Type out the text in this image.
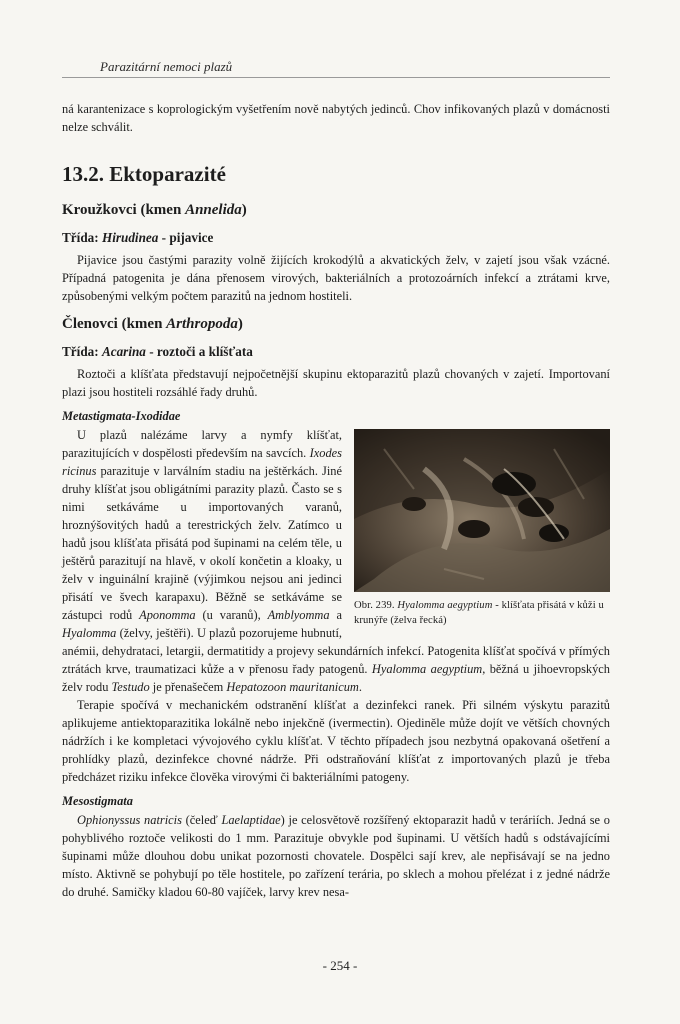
Parazitární nemoci plazů

ná karantenizace s koprologickým vyšetřením nově nabytých jedinců. Chov infikovaných plazů v domácnosti nelze schválit.

13.2. Ektoparazité
Kroužkovci (kmen Annelida)
Třída: Hirudinea - pijavice

Pijavice jsou častými parazity volně žijících krokodýlů a akvatických želv, v zajetí jsou však vzácné. Případná patogenita je dána přenosem virových, bakteriálních a protozoárních infekcí a ztrátami krve, způsobenými velkým počtem parazitů na jednom hostiteli.

Členovci (kmen Arthropoda)
Třída: Acarina - roztoči a klíšťata

Roztoči a klíšťata představují nejpočetnější skupinu ektoparazitů plazů chovaných v zajetí. Importovaní plazi jsou hostiteli rozsáhlé řady druhů.

Metastigmata-Ixodidae
Obr. 239. Hyalomma aegyptium - klíšťata přisátá v kůži u krunýře (želva řecká)

U plazů nalézáme larvy a nymfy klíšťat, parazitujících v dospělosti především na savcích. Ixodes ricinus parazituje v larválním stadiu na ještěrkách. Jiné druhy klíšťat jsou obligátními parazity plazů. Často se s nimi setkáváme u importovaných varanů, hroznýšovitých hadů a terestrických želv. Zatímco u hadů jsou klíšťata přisátá pod šupinami na celém těle, u ještěrů parazitují na hlavě, v okolí končetin a kloaky, u želv v inguinální krajině (výjimkou nejsou ani jedinci přisátí ve švech karapaxu). Běžně se setkáváme se zástupci rodů Aponomma (u varanů), Amblyomma a Hyalomma (želvy, ještěři). U plazů pozorujeme hubnutí, anémii, dehydrataci, letargii, dermatitidy a projevy sekundárních infekcí. Patogenita klíšťat spočívá v přímých ztrátách krve, traumatizaci kůže a v přenosu řady patogenů. Hyalomma aegyptium, běžná u jihoevropských želv rodu Testudo je přenašečem Hepatozoon mauritanicum.

Terapie spočívá v mechanickém odstranění klíšťat a dezinfekci ranek. Při silném výskytu parazitů aplikujeme antiektoparazitika lokálně nebo injekčně (ivermectin). Ojediněle může dojít ve větších chovných nádržích i ke kompletaci vývojového cyklu klíšťat. V těchto případech jsou nezbytná opakovaná ošetření a prohlídky plazů, dezinfekce chovné nádrže. Při odstraňování klíšťat z importovaných plazů je třeba předcházet riziku infekce člověka virovými či bakteriálními patogeny.

Mesostigmata

Ophionyssus natricis (čeleď Laelaptidae) je celosvětově rozšířený ektoparazit hadů v teráriích. Jedná se o pohyblivého roztoče velikosti do 1 mm. Parazituje obvykle pod šupinami. U větších hadů s odstávajícími šupinami může dlouhou dobu unikat pozornosti chovatele. Dospělci sají krev, ale nepřisávají se na jedno místo. Aktivně se pohybují po těle hostitele, po zařízení terária, po sklech a mohou přelézat i z jedné nádrže do druhé. Samičky kladou 60-80 vajíček, larvy krev nesa-

- 254 -
